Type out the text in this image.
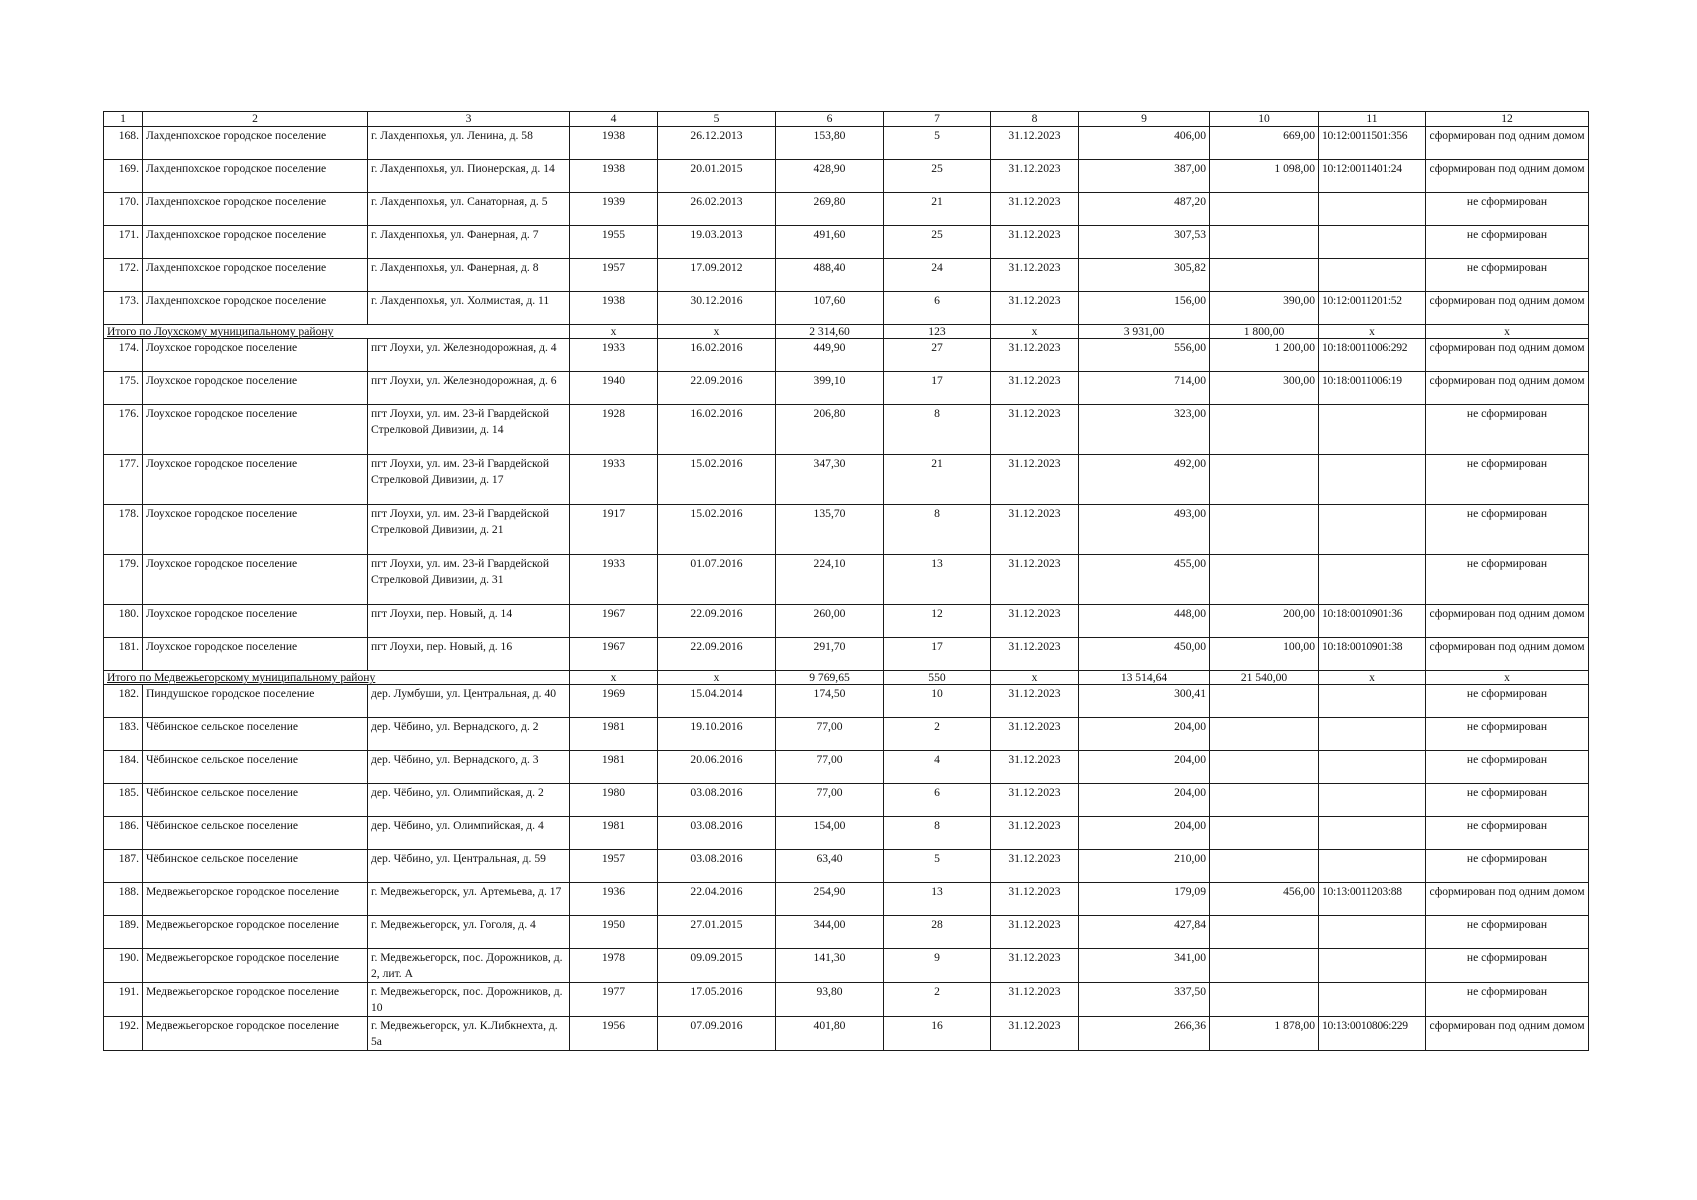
1	2	3	4	5	6	7	8	9	10	11	12
168.	Лахденпохское городское поселение	г. Лахденпохья, ул. Ленина, д. 58	1938	26.12.2013	153,80	5	31.12.2023	406,00	669,00	10:12:0011501:356	сформирован под одним домом
169.	Лахденпохское городское поселение	г. Лахденпохья, ул. Пионерская, д. 14	1938	20.01.2015	428,90	25	31.12.2023	387,00	1 098,00	10:12:0011401:24	сформирован под одним домом
170.	Лахденпохское городское поселение	г. Лахденпохья, ул. Санаторная, д. 5	1939	26.02.2013	269,80	21	31.12.2023	487,20			не сформирован
171.	Лахденпохское городское поселение	г. Лахденпохья, ул. Фанерная, д. 7	1955	19.03.2013	491,60	25	31.12.2023	307,53			не сформирован
172.	Лахденпохское городское поселение	г. Лахденпохья, ул. Фанерная, д. 8	1957	17.09.2012	488,40	24	31.12.2023	305,82			не сформирован
173.	Лахденпохское городское поселение	г. Лахденпохья, ул. Холмистая, д. 11	1938	30.12.2016	107,60	6	31.12.2023	156,00	390,00	10:12:0011201:52	сформирован под одним домом
Итого по Лоухскому муниципальному району			х	х	2 314,60	123	х	3 931,00	1 800,00	х	х
174.	Лоухское городское поселение	пгт Лоухи, ул. Железнодорожная, д. 4	1933	16.02.2016	449,90	27	31.12.2023	556,00	1 200,00	10:18:0011006:292	сформирован под одним домом
175.	Лоухское городское поселение	пгт Лоухи, ул. Железнодорожная, д. 6	1940	22.09.2016	399,10	17	31.12.2023	714,00	300,00	10:18:0011006:19	сформирован под одним домом
176.	Лоухское городское поселение	пгт Лоухи, ул. им. 23-й Гвардейской Стрелковой Дивизии, д. 14	1928	16.02.2016	206,80	8	31.12.2023	323,00			не сформирован
177.	Лоухское городское поселение	пгт Лоухи, ул. им. 23-й Гвардейской Стрелковой Дивизии, д. 17	1933	15.02.2016	347,30	21	31.12.2023	492,00			не сформирован
178.	Лоухское городское поселение	пгт Лоухи, ул. им. 23-й Гвардейской Стрелковой Дивизии, д. 21	1917	15.02.2016	135,70	8	31.12.2023	493,00			не сформирован
179.	Лоухское городское поселение	пгт Лоухи, ул. им. 23-й Гвардейской Стрелковой Дивизии, д. 31	1933	01.07.2016	224,10	13	31.12.2023	455,00			не сформирован
180.	Лоухское городское поселение	пгт Лоухи, пер. Новый, д. 14	1967	22.09.2016	260,00	12	31.12.2023	448,00	200,00	10:18:0010901:36	сформирован под одним домом
181.	Лоухское городское поселение	пгт Лоухи, пер. Новый, д. 16	1967	22.09.2016	291,70	17	31.12.2023	450,00	100,00	10:18:0010901:38	сформирован под одним домом
Итого по Медвежьегорскому муниципальному району			х	х	9 769,65	550	х	13 514,64	21 540,00	х	х
182.	Пиндушское городское поселение	дер. Лумбуши, ул. Центральная, д. 40	1969	15.04.2014	174,50	10	31.12.2023	300,41			не сформирован
183.	Чёбинское сельское поселение	дер. Чёбино, ул. Вернадского, д. 2	1981	19.10.2016	77,00	2	31.12.2023	204,00			не сформирован
184.	Чёбинское сельское поселение	дер. Чёбино, ул. Вернадского, д. 3	1981	20.06.2016	77,00	4	31.12.2023	204,00			не сформирован
185.	Чёбинское сельское поселение	дер. Чёбино, ул. Олимпийская, д. 2	1980	03.08.2016	77,00	6	31.12.2023	204,00			не сформирован
186.	Чёбинское сельское поселение	дер. Чёбино, ул. Олимпийская, д. 4	1981	03.08.2016	154,00	8	31.12.2023	204,00			не сформирован
187.	Чёбинское сельское поселение	дер. Чёбино, ул. Центральная, д. 59	1957	03.08.2016	63,40	5	31.12.2023	210,00			не сформирован
188.	Медвежьегорское городское поселение	г. Медвежьегорск, ул. Артемьева, д. 17	1936	22.04.2016	254,90	13	31.12.2023	179,09	456,00	10:13:0011203:88	сформирован под одним домом
189.	Медвежьегорское городское поселение	г. Медвежьегорск, ул. Гоголя, д. 4	1950	27.01.2015	344,00	28	31.12.2023	427,84			не сформирован
190.	Медвежьегорское городское поселение	г. Медвежьегорск, пос. Дорожников, д. 2, лит. А	1978	09.09.2015	141,30	9	31.12.2023	341,00			не сформирован
191.	Медвежьегорское городское поселение	г. Медвежьегорск, пос. Дорожников, д. 10	1977	17.05.2016	93,80	2	31.12.2023	337,50			не сформирован
192.	Медвежьегорское городское поселение	г. Медвежьегорск, ул. К.Либкнехта, д. 5а	1956	07.09.2016	401,80	16	31.12.2023	266,36	1 878,00	10:13:0010806:229	сформирован под одним домом
